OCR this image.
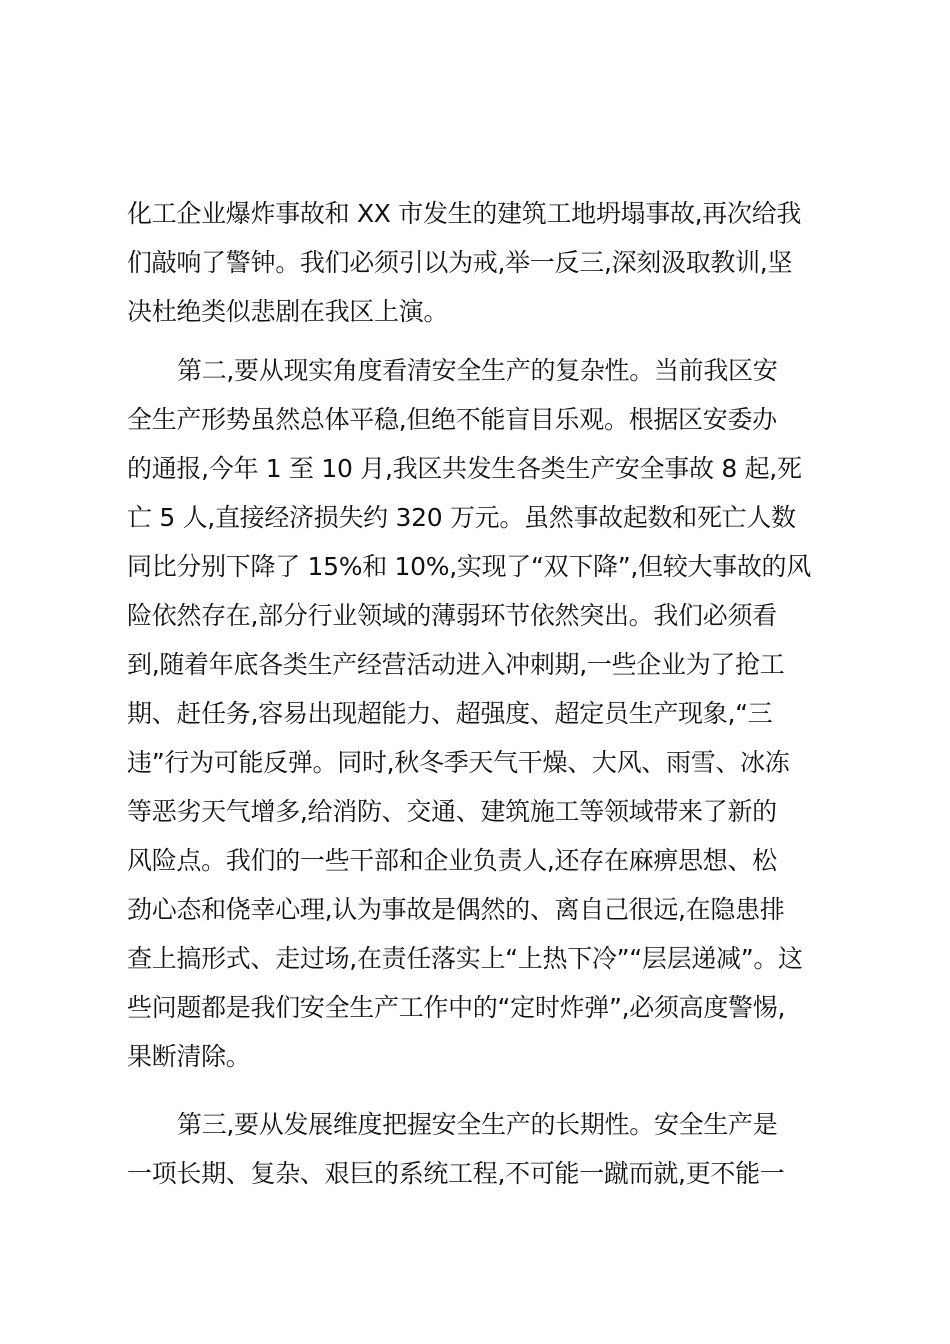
化工企业爆炸事故和 XX 市发生的建筑工地坍塌事故,再次给我
们敲响了警钟。我们必须引以为戒,举一反三,深刻汲取教训,坚
决杜绝类似悲剧在我区上演。
第二,要从现实角度看清安全生产的复杂性。当前我区安
全生产形势虽然总体平稳,但绝不能盲目乐观。根据区安委办
的通报,今年 1 至 10 月,我区共发生各类生产安全事故 8 起,死
亡 5 人,直接经济损失约 320 万元。虽然事故起数和死亡人数
同比分别下降了 15%和 10%,实现了“双下降”,但较大事故的风
险依然存在,部分行业领域的薄弱环节依然突出。我们必须看
到,随着年底各类生产经营活动进入冲刺期,一些企业为了抢工
期、赶任务,容易出现超能力、超强度、超定员生产现象,“三
违”行为可能反弹。同时,秋冬季天气干燥、大风、雨雪、冰冻
等恶劣天气增多,给消防、交通、建筑施工等领域带来了新的
风险点。我们的一些干部和企业负责人,还存在麻痹思想、松
劲心态和侥幸心理,认为事故是偶然的、离自己很远,在隐患排
查上搞形式、走过场,在责任落实上“上热下冷”“层层递减”。这
些问题都是我们安全生产工作中的“定时炸弹”,必须高度警惕,
果断清除。
第三,要从发展维度把握安全生产的长期性。安全生产是
一项长期、复杂、艰巨的系统工程,不可能一蹴而就,更不能一
